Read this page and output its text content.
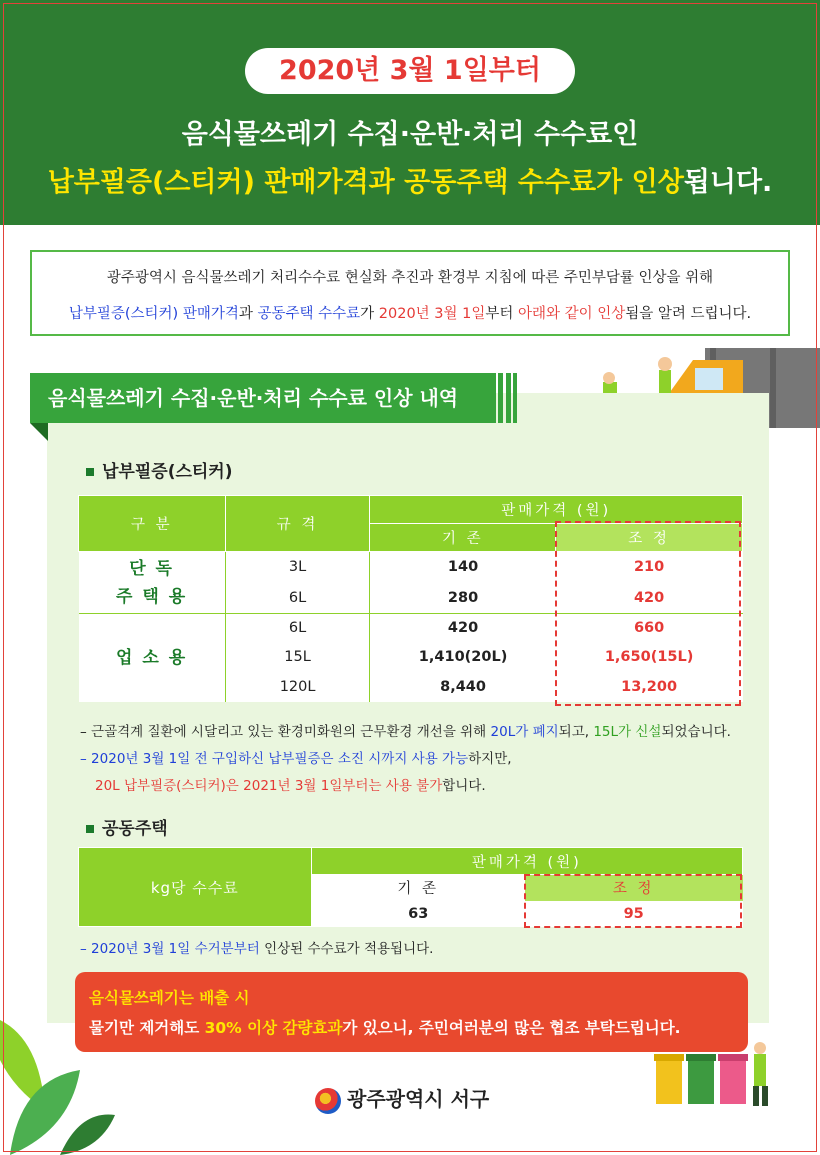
2020년 3월 1일부터
음식물쓰레기 수집·운반·처리 수수료인
납부필증(스티커) 판매가격과 공동주택 수수료가 인상됩니다.
광주광역시 음식물쓰레기 처리수수료 현실화 추진과 환경부 지침에 따른 주민부담률 인상을 위해
납부필증(스티커) 판매가격과 공동주택 수수료가 2020년 3월 1일부터 아래와 같이 인상됨을 알려 드립니다.
음식물쓰레기 수집·운반·처리 수수료 인상 내역
납부필증(스티커)
구 분	규 격	판매가격 (원)	
		기 존	조 정

단 독
주 택 용	3L	140	210
	6L	280	420
업 소 용	6L	420	660
	15L	1,410(20L)	1,650(15L)
	120L	8,440	13,200
– 근골격계 질환에 시달리고 있는 환경미화원의 근무환경 개선을 위해 20L가 폐지되고, 15L가 신설되었습니다.
– 2020년 3월 1일 전 구입하신 납부필증은 소진 시까지 사용 가능하지만,
20L 납부필증(스티커)은 2021년 3월 1일부터는 사용 불가합니다.
공동주택
kg당 수수료	판매가격 (원)	
	기 존	조 정
	63	95
– 2020년 3월 1일 수거분부터 인상된 수수료가 적용됩니다.
음식물쓰레기는 배출 시
물기만 제거해도 30% 이상 감량효과가 있으니, 주민여러분의 많은 협조 부탁드립니다.
광주광역시 서구
